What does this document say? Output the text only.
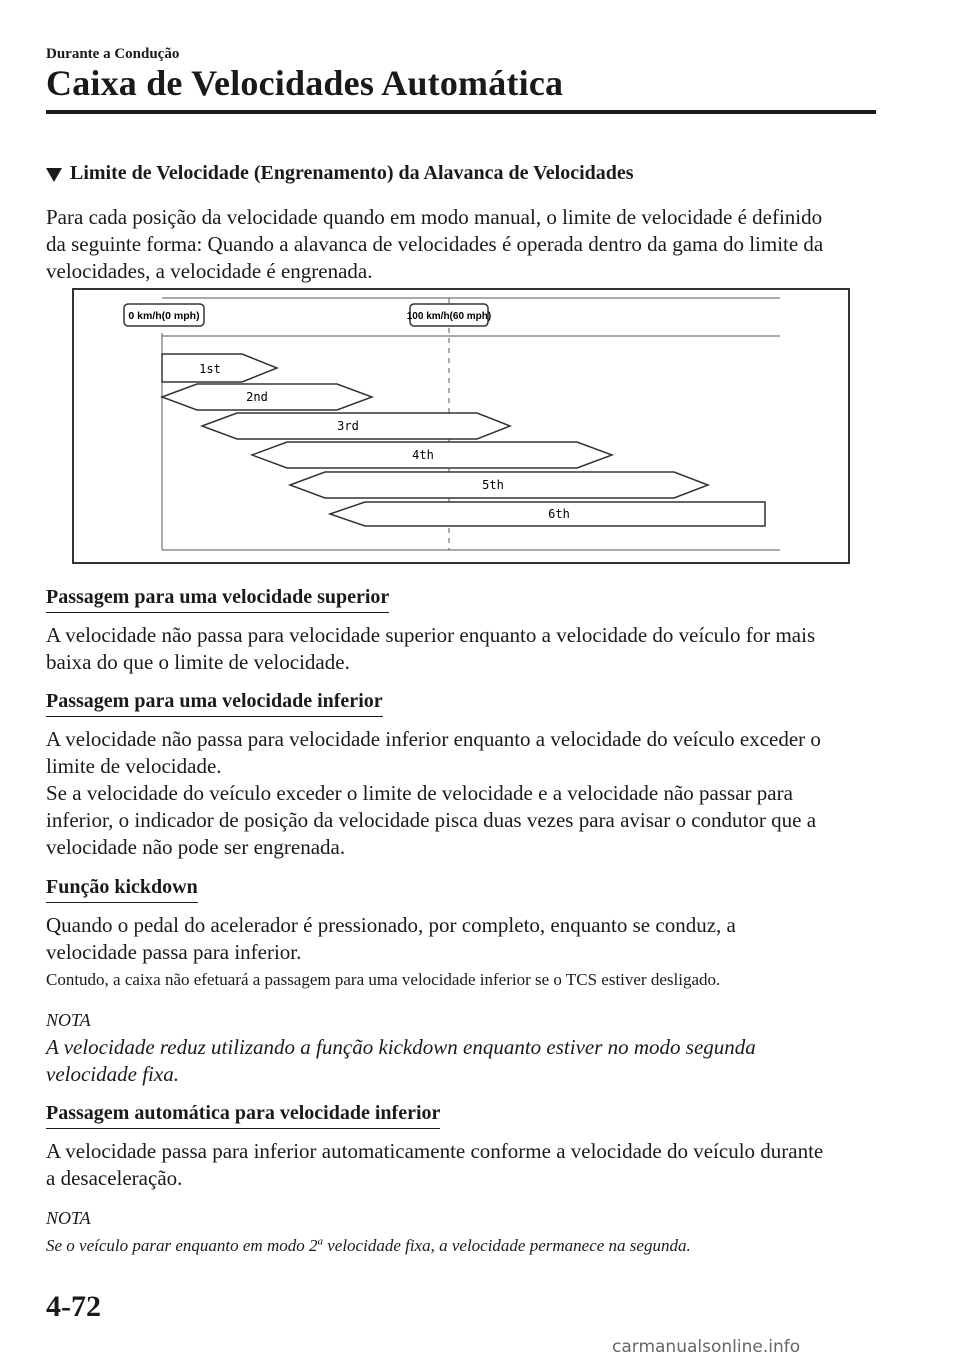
Durante a Condução
Caixa de Velocidades Automática
Limite de Velocidade (Engrenamento) da Alavanca de Velocidades
Para cada posição da velocidade quando em modo manual, o limite de velocidade é definido
da seguinte forma: Quando a alavanca de velocidades é operada dentro da gama do limite da
velocidades, a velocidade é engrenada.
0 km/h(0 mph)	100 km/h(60 mph)
1st
2nd
3rd
4th
5th
6th
Passagem para uma velocidade superior
A velocidade não passa para velocidade superior enquanto a velocidade do veículo for mais
baixa do que o limite de velocidade.
Passagem para uma velocidade inferior
A velocidade não passa para velocidade inferior enquanto a velocidade do veículo exceder o
limite de velocidade.
Se a velocidade do veículo exceder o limite de velocidade e a velocidade não passar para
inferior, o indicador de posição da velocidade pisca duas vezes para avisar o condutor que a
velocidade não pode ser engrenada.
Função kickdown
Quando o pedal do acelerador é pressionado, por completo, enquanto se conduz, a
velocidade passa para inferior.
Contudo, a caixa não efetuará a passagem para uma velocidade inferior se o TCS estiver desligado.
NOTA
A velocidade reduz utilizando a função kickdown enquanto estiver no modo segunda
velocidade fixa.
Passagem automática para velocidade inferior
A velocidade passa para inferior automaticamente conforme a velocidade do veículo durante
a desaceleração.
NOTA
Se o veículo parar enquanto em modo 2$^a$ velocidade fixa, a velocidade permanece na segunda.
4-72
carmanualsonline.info
